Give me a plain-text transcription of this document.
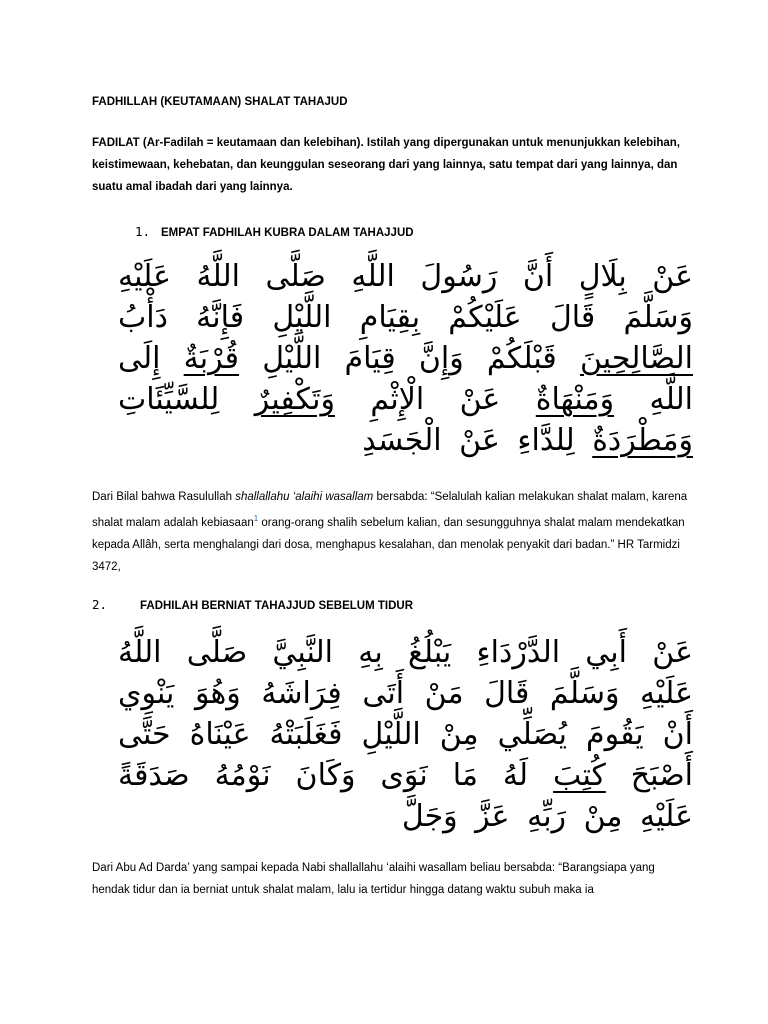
FADHILLAH (KEUTAMAAN) SHALAT TAHAJUD

FADILAT (Ar-Fadilah = keutamaan dan kelebihan). Istilah yang dipergunakan untuk menunjukkan kelebihan, keistimewaan, kehebatan, dan keunggulan seseorang dari yang lainnya, satu tempat dari yang lainnya, dan suatu amal ibadah dari yang lainnya.

1. EMPAT FADHILAH KUBRA DALAM TAHAJJUD

عَنْ بِلَالٍ أَنَّ رَسُولَ اللَّهِ صَلَّى اللَّهُ عَلَيْهِ وَسَلَّمَ قَالَ عَلَيْكُمْ بِقِيَامِ اللَّيْلِ فَإِنَّهُ دَأْبُ الصَّالِحِينَ قَبْلَكُمْ وَإِنَّ قِيَامَ اللَّيْلِ قُرْبَةٌ إِلَى اللَّهِ وَمَنْهَاةٌ عَنْ الْإِثْمِ وَتَكْفِيرٌ لِلسَّيِّئَاتِ وَمَطْرَدَةٌ لِلدَّاءِ عَنْ الْجَسَدِ

Dari Bilal bahwa Rasulullah shallallahu ‘alaihi wasallam bersabda: “Selalulah kalian melakukan shalat malam, karena shalat malam adalah kebiasaan$^1$ orang-orang shalih sebelum kalian, dan sesungguhnya shalat malam mendekatkan kepada Allâh, serta menghalangi dari dosa, menghapus kesalahan, dan menolak penyakit dari badan.” HR Tarmidzi 3472,

2.	FADHILAH BERNIAT TAHAJJUD SEBELUM TIDUR

عَنْ أَبِي الدَّرْدَاءِ يَبْلُغُ بِهِ النَّبِيَّ صَلَّى اللَّهُ عَلَيْهِ وَسَلَّمَ قَالَ مَنْ أَتَى فِرَاشَهُ وَهُوَ يَنْوِي أَنْ يَقُومَ يُصَلِّي مِنْ اللَّيْلِ فَغَلَبَتْهُ عَيْنَاهُ حَتَّى أَصْبَحَ كُتِبَ لَهُ مَا نَوَى وَكَانَ نَوْمُهُ صَدَقَةً عَلَيْهِ مِنْ رَبِّهِ عَزَّ وَجَلَّ

Dari Abu Ad Darda’ yang sampai kepada Nabi shallallahu ‘alaihi wasallam beliau bersabda: “Barangsiapa yang hendak tidur dan ia berniat untuk shalat malam, lalu ia tertidur hingga datang waktu subuh maka ia
